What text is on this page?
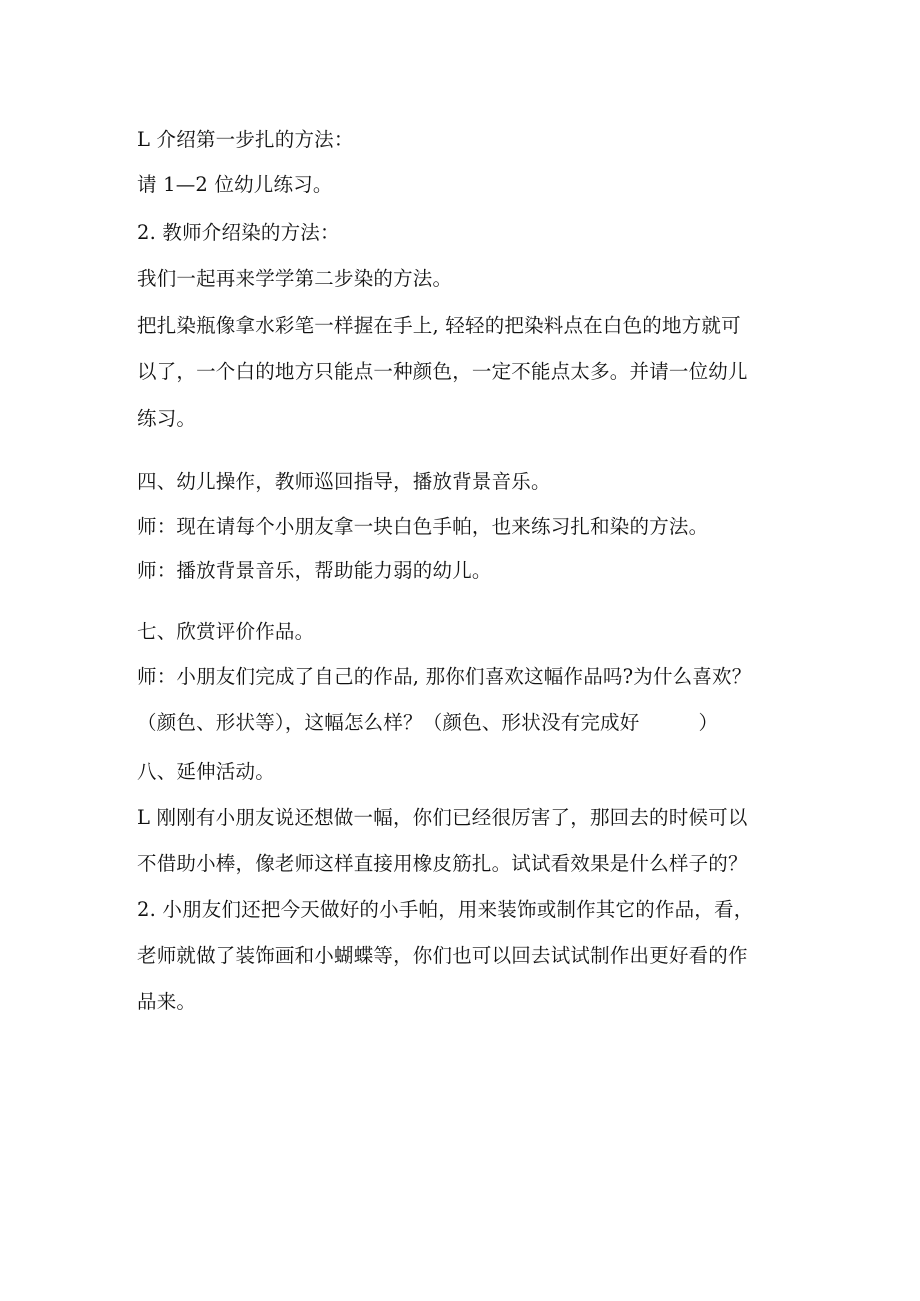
L 介绍第一步扎的方法：
请 1—2 位幼儿练习。
2. 教师介绍染的方法：
我们一起再来学学第二步染的方法。
把扎染瓶像拿水彩笔一样握在手上, 轻轻的把染料点在白色的地方就可
以了，一个白的地方只能点一种颜色，一定不能点太多。并请一位幼儿
练习。
四、幼儿操作，教师巡回指导，播放背景音乐。
师：现在请每个小朋友拿一块白色手帕，也来练习扎和染的方法。
师：播放背景音乐，帮助能力弱的幼儿。
七、欣赏评价作品。
师：小朋友们完成了自己的作品, 那你们喜欢这幅作品吗?为什么喜欢？
（颜色、形状等），这幅怎么样？（颜色、形状没有完成好　　　）
八、延伸活动。
L 刚刚有小朋友说还想做一幅，你们已经很厉害了，那回去的时候可以
不借助小棒，像老师这样直接用橡皮筋扎。试试看效果是什么样子的？
2. 小朋友们还把今天做好的小手帕，用来装饰或制作其它的作品，看，
老师就做了装饰画和小蝴蝶等，你们也可以回去试试制作出更好看的作
品来。
